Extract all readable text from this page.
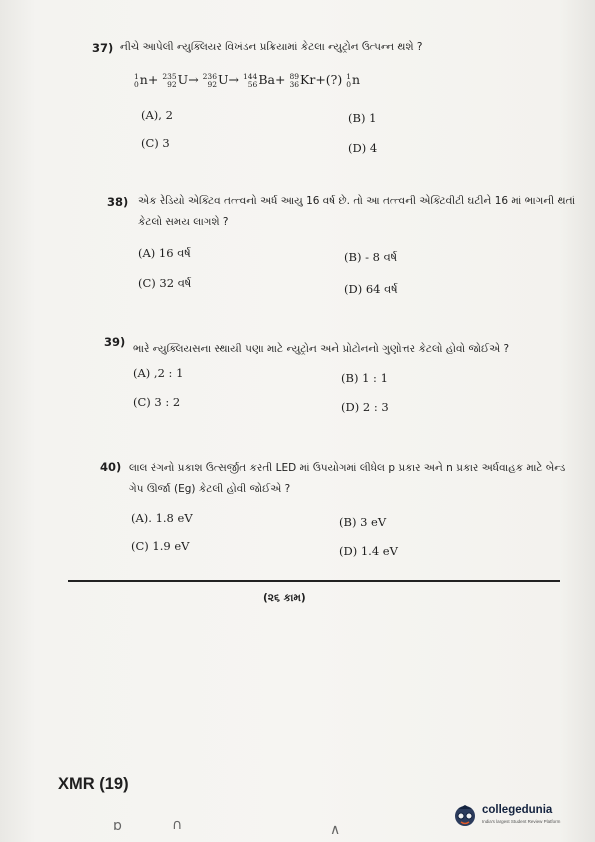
37) નીચે આપેલી ન્યુક્લિયર વિખંડન પ્રક્રિયામાં કેટલા ન્યુટ્રોન ઉત્પન્ન થશે ?
1
0 n+ 235
92 U→ 236
92 U→ 144
56 Ba+ 89
36 Kr+(?) 1
0 n
(A), 2	(B) 1
(C) 3	(D) 4
38) એક રેડિયો એક્ટિવ તત્ત્વનો અર્ધ આયુ 16 વર્ષ છે. તો આ તત્ત્વની એક્ટિવીટી ઘટીને 16 માં ભાગની થતાં
કેટલો સમય લાગશે ?
(A) 16 વર્ષ	(B) - 8 વર્ષ
(C) 32 વર્ષ	(D) 64 વર્ષ
39) ભારે ન્યુક્લિયસના સ્થાયી પણા માટે ન્યુટ્રોન અને પ્રોટોનનો ગુણોત્તર કેટલો હોવો જોઈએ ?
(A) ,2 : 1	(B) 1 : 1
(C) 3 : 2	(D) 2 : 3
40) લાલ રંગનો પ્રકાશ ઉત્સર્જીત કરતી LED માં ઉપયોગમાં લીધેલ p પ્રકાર અને n પ્રકાર અર્ધવાહક માટે બેન્ડ
ગેપ ઊર્જા (Eg) કેટલી હોવી જોઈએ ?
(A). 1.8 eV	(B) 3 eV
(C) 1.9 eV	(D) 1.4 eV
(૨૬ કામ)
XMR (19)
ɒ	∩	∧
collegedunia
India's largest Student Review Platform
